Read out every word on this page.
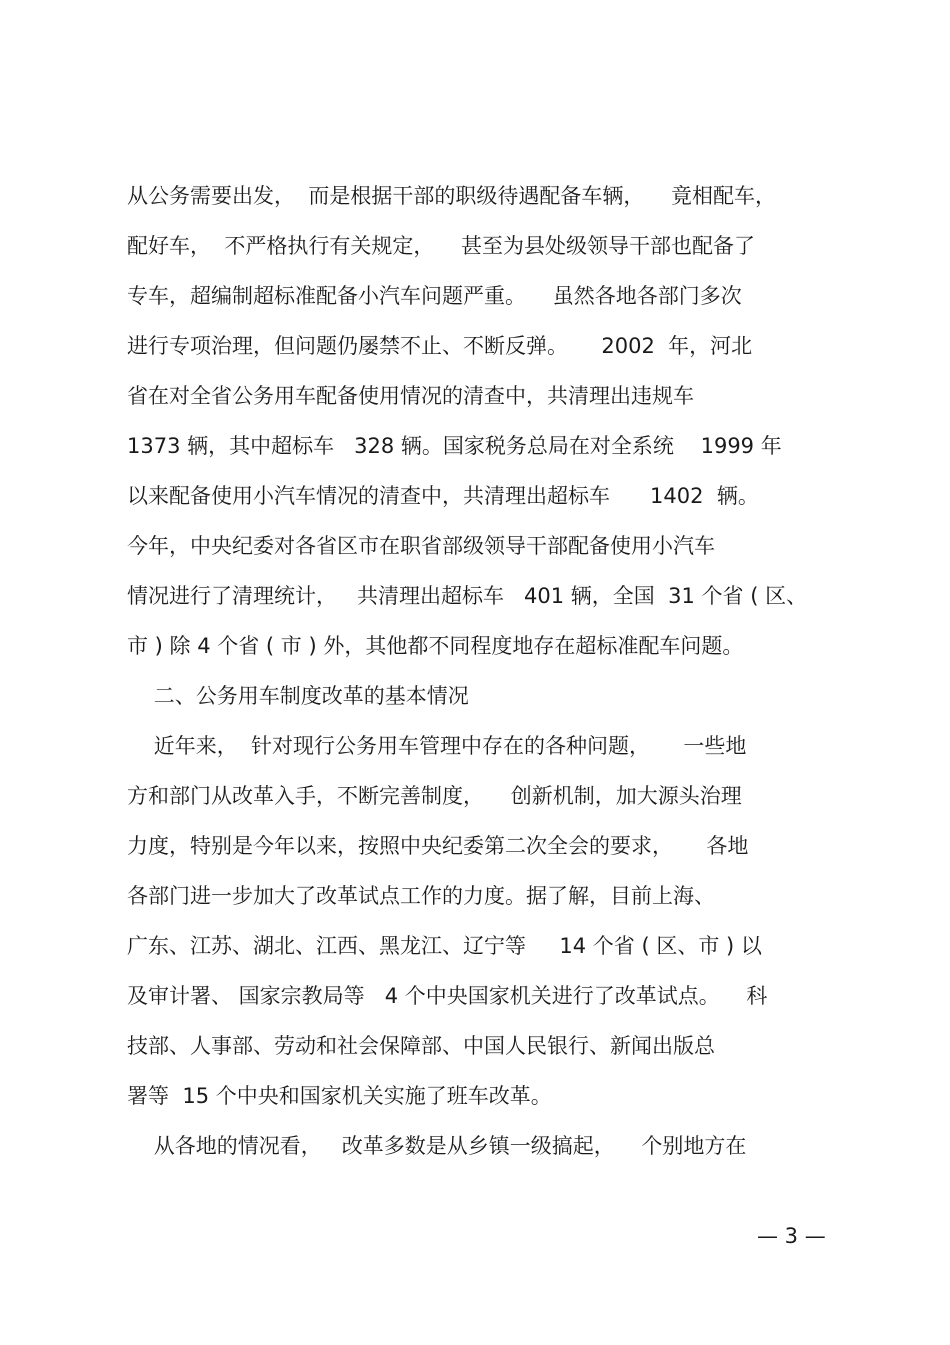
从公务需要出发，  而是根据干部的职级待遇配备车辆，    竟相配车，
配好车，  不严格执行有关规定，    甚至为县处级领导干部也配备了
专车，超编制超标准配备小汽车问题严重。    虽然各地各部门多次
进行专项治理，但问题仍屡禁不止、不断反弹。     2002  年，河北
省在对全省公务用车配备使用情况的清查中，共清理出违规车
1373 辆，其中超标车   328 辆。国家税务总局在对全系统    1999 年
以来配备使用小汽车情况的清查中，共清理出超标车      1402  辆。
今年，中央纪委对各省区市在职省部级领导干部配备使用小汽车
情况进行了清理统计，   共清理出超标车   401 辆，全国  31 个省 ( 区、
市 ) 除 4 个省 ( 市 ) 外，其他都不同程度地存在超标准配车问题。
二、公务用车制度改革的基本情况
近年来，  针对现行公务用车管理中存在的各种问题，     一些地
方和部门从改革入手，不断完善制度，    创新机制，加大源头治理
力度，特别是今年以来，按照中央纪委第二次全会的要求，     各地
各部门进一步加大了改革试点工作的力度。据了解，目前上海、
广东、江苏、湖北、江西、黑龙江、辽宁等     14 个省 ( 区、市 ) 以
及审计署、 国家宗教局等   4 个中央国家机关进行了改革试点。    科
技部、人事部、劳动和社会保障部、中国人民银行、新闻出版总
署等  15 个中央和国家机关实施了班车改革。
从各地的情况看，   改革多数是从乡镇一级搞起，    个别地方在
— 3 —
